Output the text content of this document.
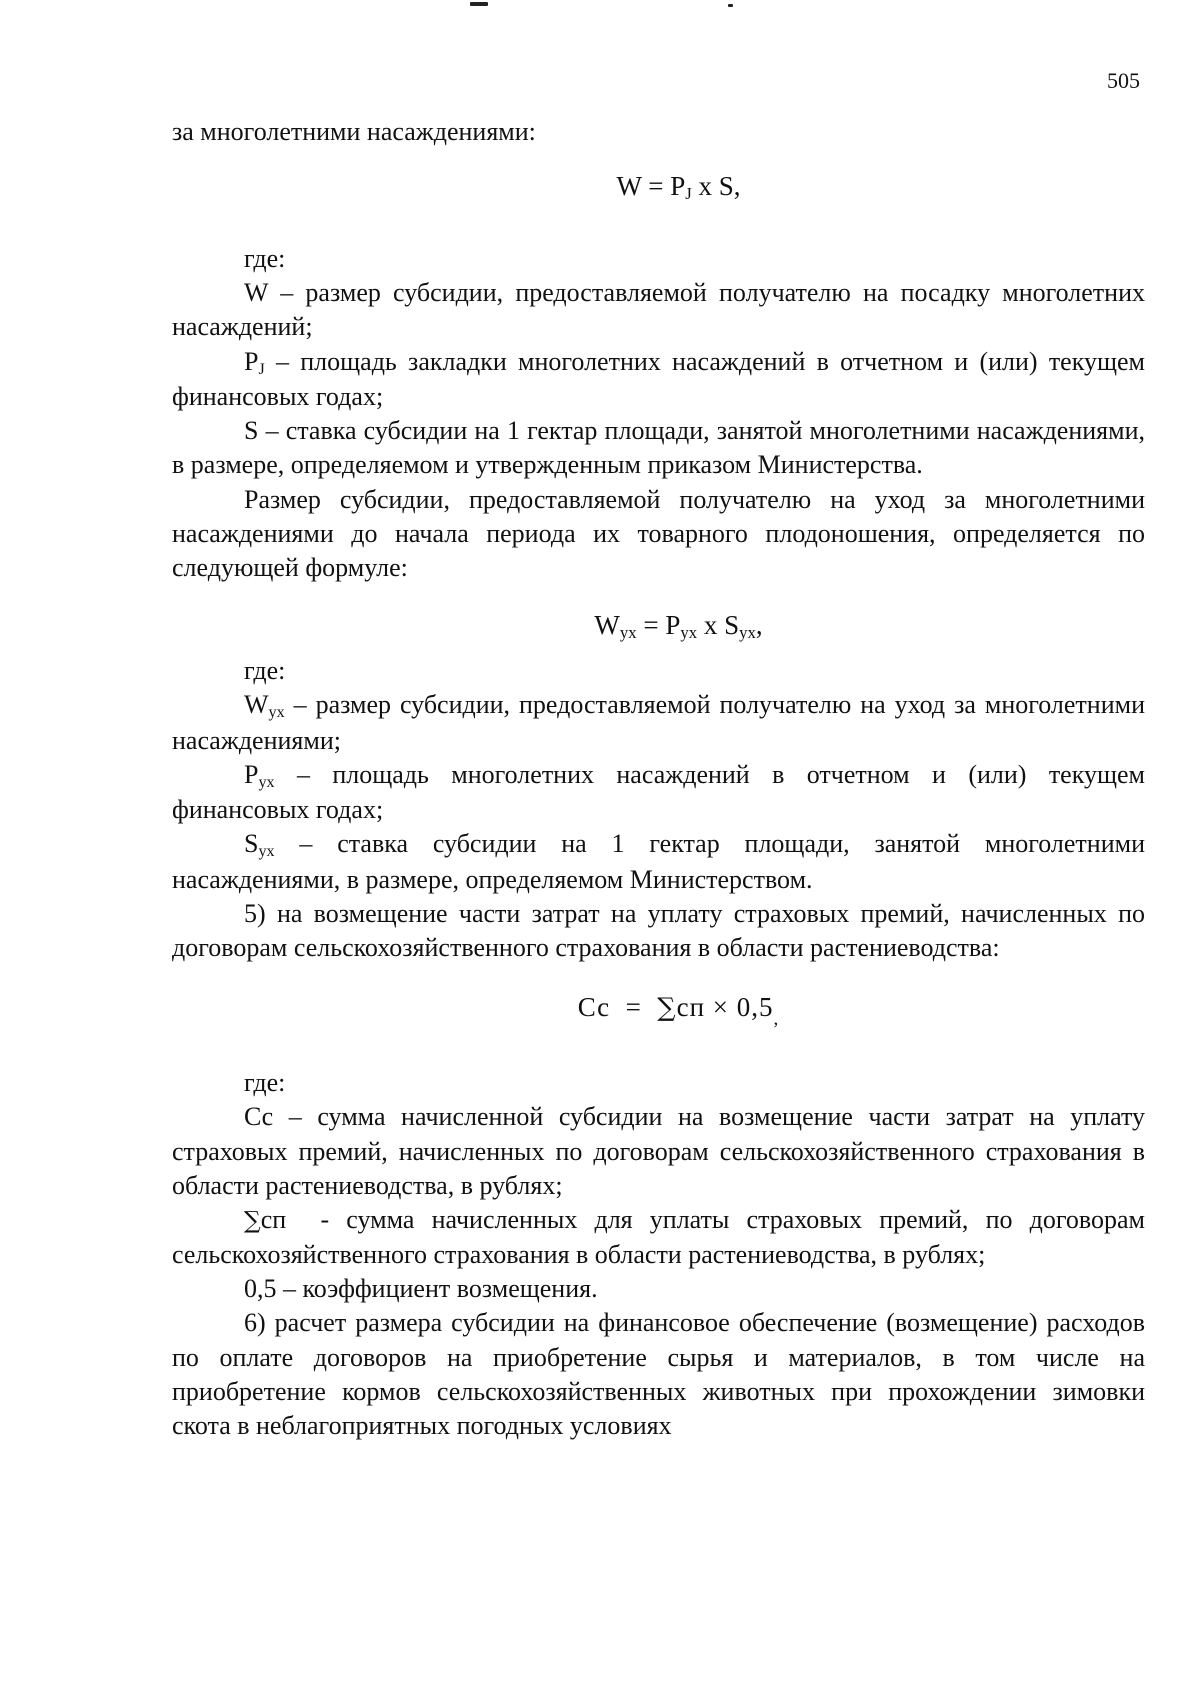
505

за многолетними насаждениями:

$W = P_J$ x S,

где:

W – размер субсидии, предоставляемой получателю на посадку многолетних насаждений;

$P_J$ – площадь закладки многолетних насаждений в отчетном и (или) текущем финансовых годах;

S – ставка субсидии на 1 гектар площади, занятой многолетними насаждениями, в размере, определяемом и утвержденным приказом Министерства.

Размер субсидии, предоставляемой получателю на уход за многолетними насаждениями до начала периода их товарного плодоношения, определяется по следующей формуле:

$W_{ух} = P_{ух}$ x $S_{ух}$,

где:

$W_{ух}$ – размер субсидии, предоставляемой получателю на уход за многолетними насаждениями;

$P_{ух}$ – площадь многолетних насаждений в отчетном и (или) текущем финансовых годах;

$S_{ух}$ – ставка субсидии на 1 гектар площади, занятой многолетними насаждениями, в размере, определяемом Министерством.

5) на возмещение части затрат на уплату страховых премий, начисленных по договорам сельскохозяйственного страхования в области растениеводства:

Сс  =  $\sum сп \times 0,5_,$

где:

Сс – сумма начисленной субсидии на возмещение части затрат на уплату страховых премий, начисленных по договорам сельскохозяйственного страхования в области растениеводства, в рублях;

∑сп  - сумма начисленных для уплаты страховых премий, по договорам сельскохозяйственного страхования в области растениеводства, в рублях;

0,5 – коэффициент возмещения.

6) расчет размера субсидии на финансовое обеспечение (возмещение) расходов по оплате договоров на приобретение сырья и материалов, в том числе на приобретение кормов сельскохозяйственных животных при прохождении зимовки скота в неблагоприятных погодных условиях
